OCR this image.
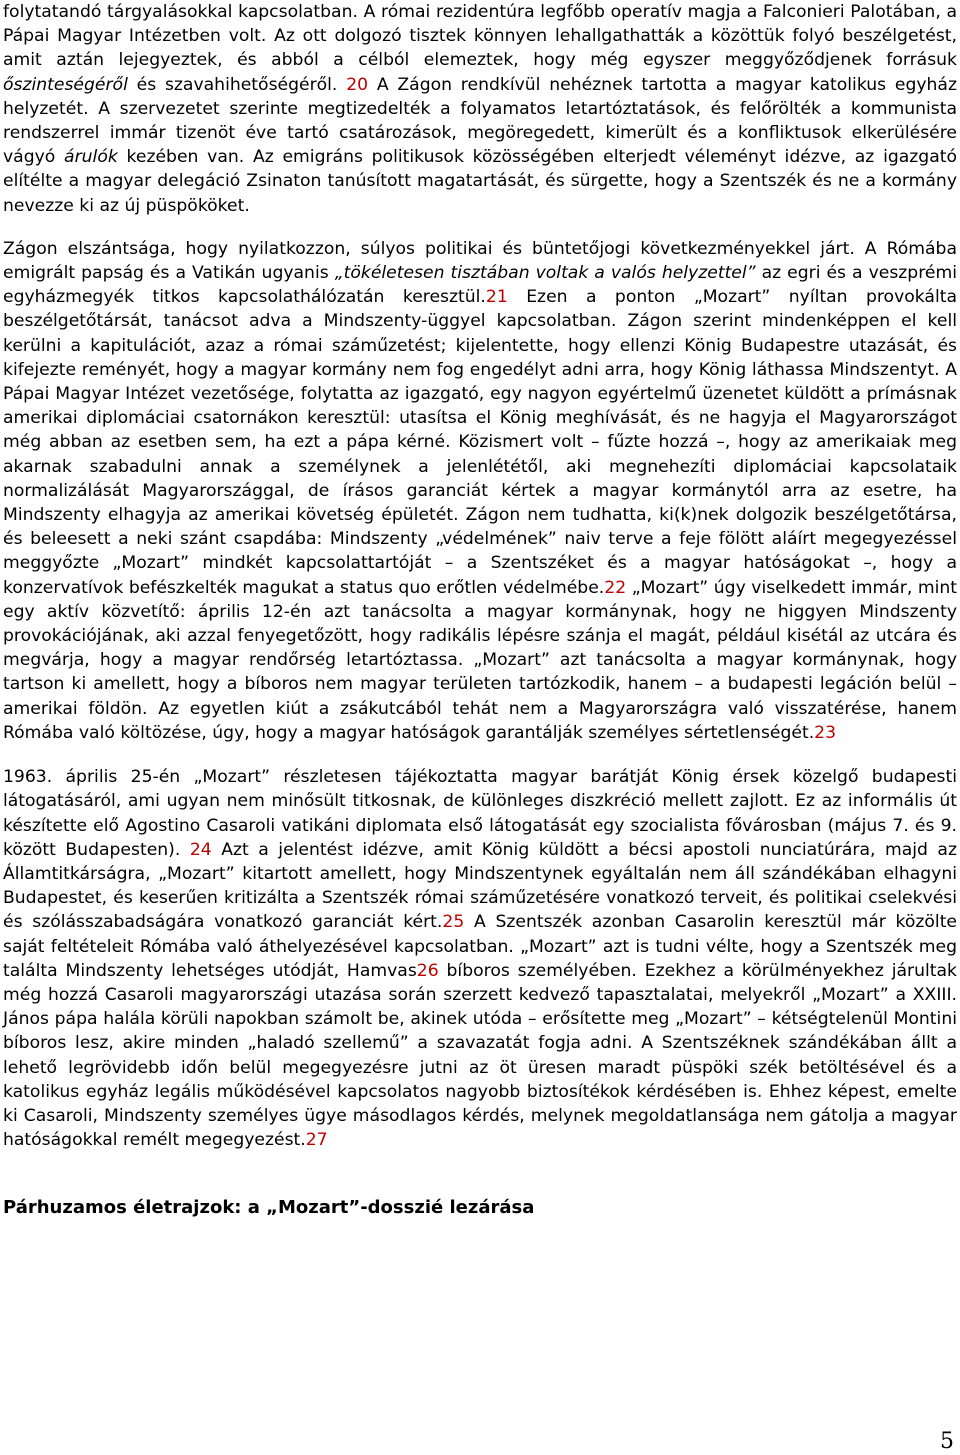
folytatandó tárgyalásokkal kapcsolatban. A római rezidentúra legfőbb operatív magja a Falconieri Palotában, a Pápai Magyar Intézetben volt. Az ott dolgozó tisztek könnyen lehallgathatták a közöttük folyó beszélgetést, amit aztán lejegyeztek, és abból a célból elemeztek, hogy még egyszer meggyőződjenek forrásuk őszinteségéről és szavahihetőségéről. 20 A Zágon rendkívül nehéznek tartotta a magyar katolikus egyház helyzetét. A szervezetet szerinte megtizedelték a folyamatos letartóztatások, és felőrölték a kommunista rendszerrel immár tizenöt éve tartó csatározások, megöregedett, kimerült és a konfliktusok elkerülésére vágyó árulók kezében van. Az emigráns politikusok közösségében elterjedt véleményt idézve, az igazgató elítélte a magyar delegáció Zsinaton tanúsított magatartását, és sürgette, hogy a Szentszék és ne a kormány nevezze ki az új püspököket.

Zágon elszántsága, hogy nyilatkozzon, súlyos politikai és büntetőjogi következményekkel járt. A Rómába emigrált papság és a Vatikán ugyanis „tökéletesen tisztában voltak a valós helyzettel” az egri és a veszprémi egyházmegyék titkos kapcsolathálózatán keresztül.21 Ezen a ponton „Mozart” nyíltan provokálta beszélgetőtársát, tanácsot adva a Mindszenty-üggyel kapcsolatban. Zágon szerint mindenképpen el kell kerülni a kapitulációt, azaz a római száműzetést; kijelentette, hogy ellenzi König Budapestre utazását, és kifejezte reményét, hogy a magyar kormány nem fog engedélyt adni arra, hogy König láthassa Mindszentyt. A Pápai Magyar Intézet vezetősége, folytatta az igazgató, egy nagyon egyértelmű üzenetet küldött a prímásnak amerikai diplomáciai csatornákon keresztül: utasítsa el König meghívását, és ne hagyja el Magyarországot még abban az esetben sem, ha ezt a pápa kérné. Közismert volt – fűzte hozzá –, hogy az amerikaiak meg akarnak szabadulni annak a személynek a jelenlététől, aki megnehezíti diplomáciai kapcsolataik normalizálását Magyarországgal, de írásos garanciát kértek a magyar kormánytól arra az esetre, ha Mindszenty elhagyja az amerikai követség épületét. Zágon nem tudhatta, ki(k)nek dolgozik beszélgetőtársa, és beleesett a neki szánt csapdába: Mindszenty „védelmének” naiv terve a feje fölött aláírt megegyezéssel meggyőzte „Mozart” mindkét kapcsolattartóját – a Szentszéket és a magyar hatóságokat –, hogy a konzervatívok befészkelték magukat a status quo erőtlen védelmébe.22 „Mozart” úgy viselkedett immár, mint egy aktív közvetítő: április 12-én azt tanácsolta a magyar kormánynak, hogy ne higgyen Mindszenty provokációjának, aki azzal fenyegetőzött, hogy radikális lépésre szánja el magát, például kisétál az utcára és megvárja, hogy a magyar rendőrség letartóztassa. „Mozart” azt tanácsolta a magyar kormánynak, hogy tartson ki amellett, hogy a bíboros nem magyar területen tartózkodik, hanem – a budapesti legáción belül – amerikai földön. Az egyetlen kiút a zsákutcából tehát nem a Magyarországra való visszatérése, hanem Rómába való költözése, úgy, hogy a magyar hatóságok garantálják személyes sértetlenségét.23

1963. április 25-én „Mozart” részletesen tájékoztatta magyar barátját König érsek közelgő budapesti látogatásáról, ami ugyan nem minősült titkosnak, de különleges diszkréció mellett zajlott. Ez az informális út készítette elő Agostino Casaroli vatikáni diplomata első látogatását egy szocialista fővárosban (május 7. és 9. között Budapesten). 24 Azt a jelentést idézve, amit König küldött a bécsi apostoli nunciatúrára, majd az Államtitkárságra, „Mozart” kitartott amellett, hogy Mindszentynek egyáltalán nem áll szándékában elhagyni Budapestet, és keserűen kritizálta a Szentszék római száműzetésére vonatkozó terveit, és politikai cselekvési és szólásszabadságára vonatkozó garanciát kért.25 A Szentszék azonban Casarolin keresztül már közölte saját feltételeit Rómába való áthelyezésével kapcsolatban. „Mozart” azt is tudni vélte, hogy a Szentszék meg találta Mindszenty lehetséges utódját, Hamvas26 bíboros személyében. Ezekhez a körülményekhez járultak még hozzá Casaroli magyarországi utazása során szerzett kedvező tapasztalatai, melyekről „Mozart” a XXIII. János pápa halála körüli napokban számolt be, akinek utóda – erősítette meg „Mozart” – kétségtelenül Montini bíboros lesz, akire minden „haladó szellemű” a szavazatát fogja adni. A Szentszéknek szándékában állt a lehető legrövidebb időn belül megegyezésre jutni az öt üresen maradt püspöki szék betöltésével és a katolikus egyház legális működésével kapcsolatos nagyobb biztosítékok kérdésében is. Ehhez képest, emelte ki Casaroli, Mindszenty személyes ügye másodlagos kérdés, melynek megoldatlansága nem gátolja a magyar hatóságokkal remélt megegyezést.27

Párhuzamos életrajzok: a „Mozart”-dosszié lezárása
5
